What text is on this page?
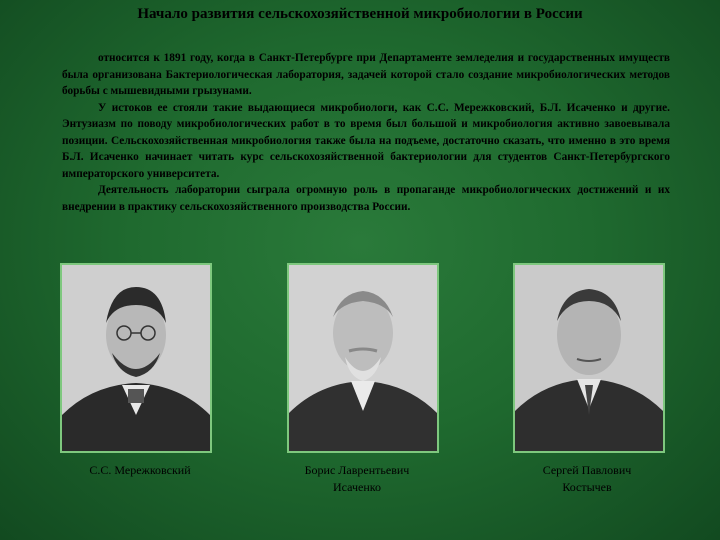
Начало развития сельскохозяйственной микробиологии в России

относится к 1891 году, когда в Санкт-Петербурге при Департаменте земледелия и государственных имуществ была организована Бактериологическая лаборатория, задачей которой стало создание микробиологических методов борьбы с мышевидными грызунами.

У истоков ее стояли такие выдающиеся микробиологи, как С.С. Мережковский, Б.Л. Исаченко и другие. Энтузиазм по поводу микробиологических работ в то время был большой и микробиология активно завоевывала позиции. Сельскохозяйственная микробиология также была на подъеме, достаточно сказать, что именно в это время Б.Л. Исаченко начинает читать курс сельскохозяйственной бактериологии для студентов Санкт-Петербургского императорского университета.

Деятельность лаборатории сыграла огромную роль в пропаганде микробиологических достижений и их внедрении в практику сельскохозяйственного производства России.

С.С. Мережковский	Борис Лаврентьевич
Исаченко
Сергей Павлович
Костычев
